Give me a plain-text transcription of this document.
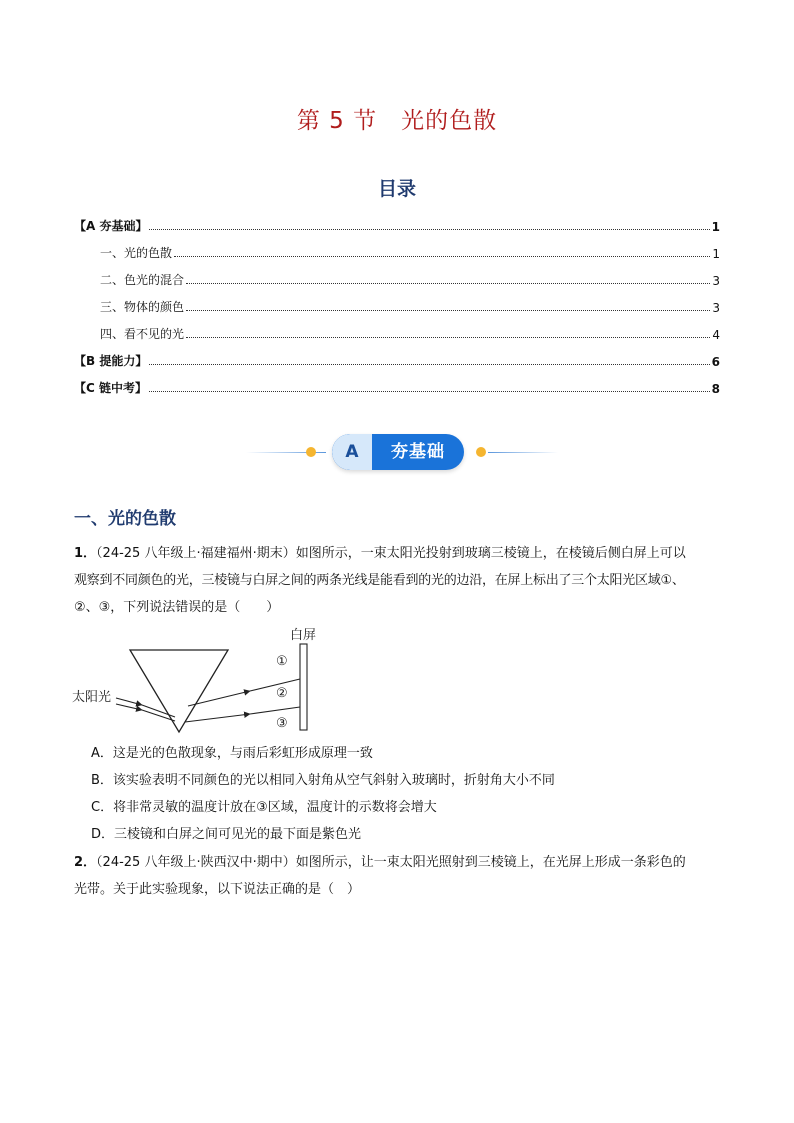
第 5 节　光的色散
目录
【A 夯基础】	1
一、光的色散	1
二、色光的混合	3
三、物体的颜色	3
四、看不见的光	4
【B 提能力】	6
【C 链中考】	8
A	夯基础
一、光的色散
1．（24-25 八年级上·福建福州·期末）如图所示，一束太阳光投射到玻璃三棱镜上，在棱镜后侧白屏上可以
观察到不同颜色的光，三棱镜与白屏之间的两条光线是能看到的光的边沿，在屏上标出了三个太阳光区域①、
②、③，下列说法错误的是（　　）
白屏
太阳光
①
②
③
A．这是光的色散现象，与雨后彩虹形成原理一致
B．该实验表明不同颜色的光以相同入射角从空气斜射入玻璃时，折射角大小不同
C．将非常灵敏的温度计放在③区域，温度计的示数将会增大
D．三棱镜和白屏之间可见光的最下面是紫色光
2．（24-25 八年级上·陕西汉中·期中）如图所示，让一束太阳光照射到三棱镜上，在光屏上形成一条彩色的
光带。关于此实验现象，以下说法正确的是（　）
